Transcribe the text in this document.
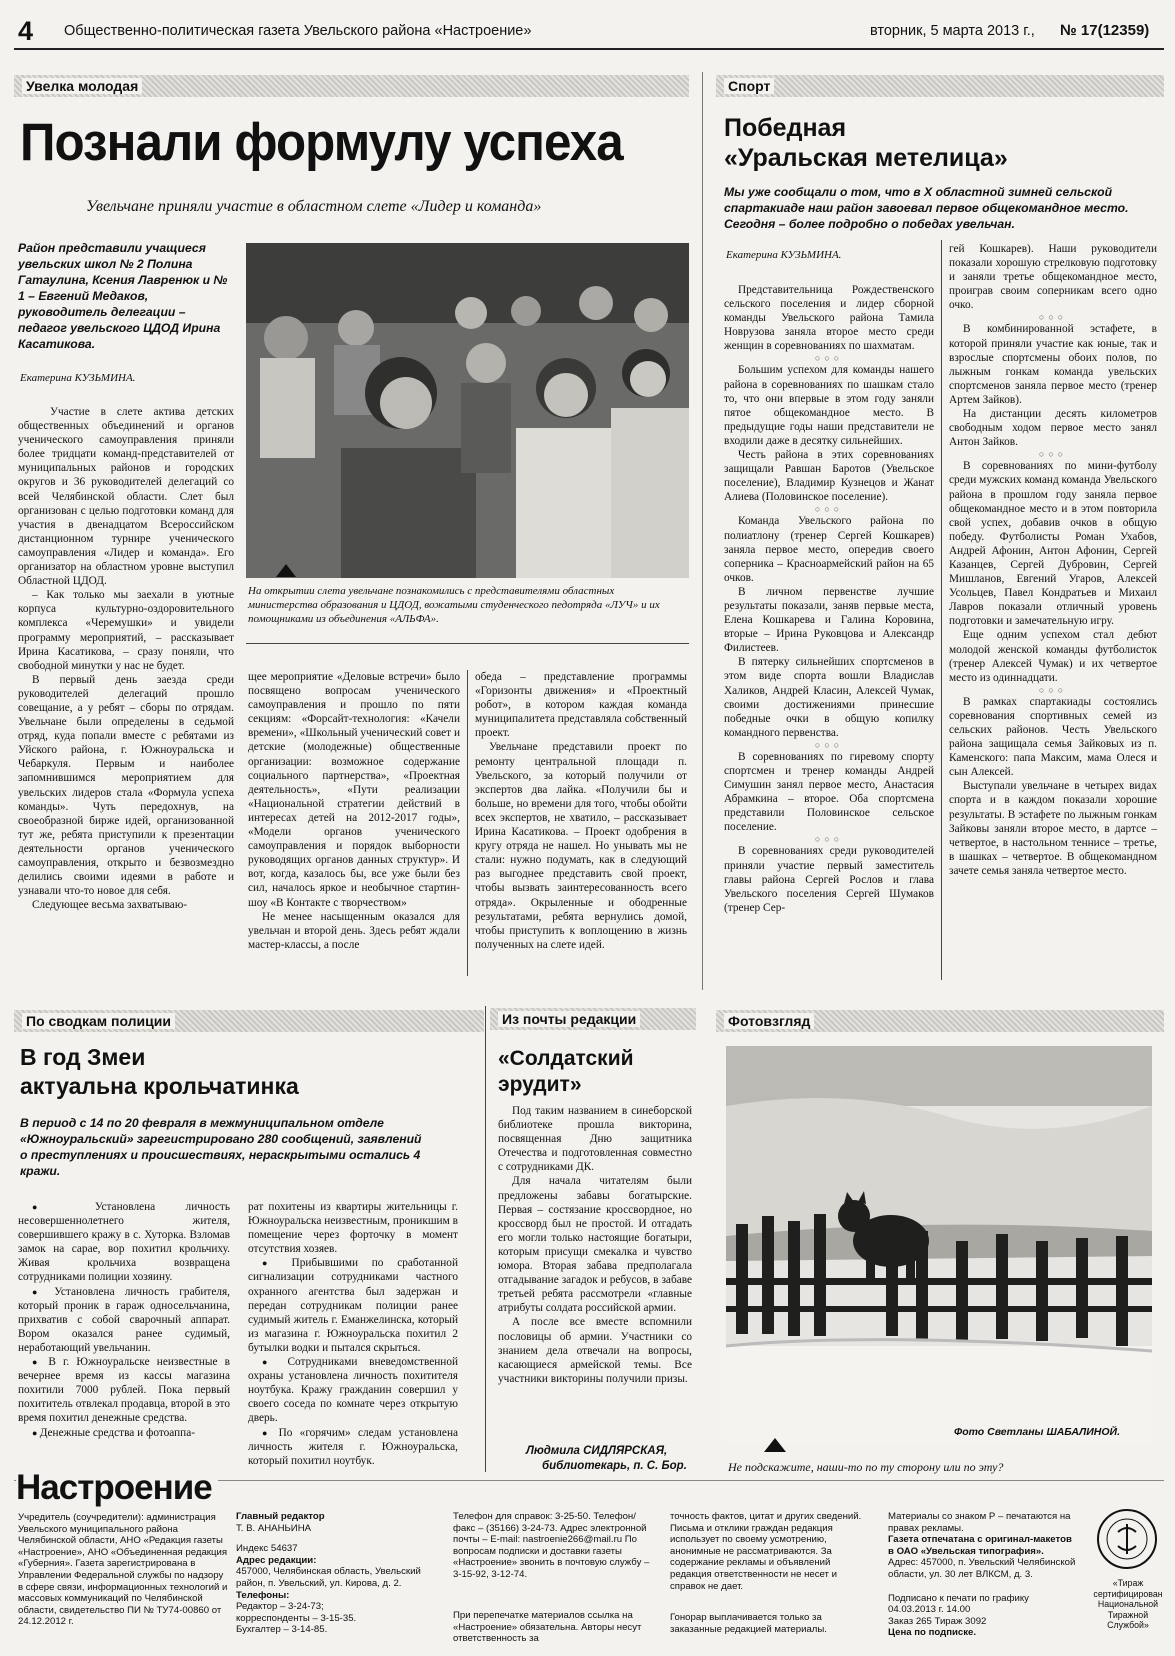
4 Общественно-политическая газета Увельского района «Настроение»	вторник, 5 марта 2013 г., № 17(12359)
Увелка молодая
Познали формулу успеха
Увельчане приняли участие в областном слете «Лидер и команда»
Район представили учащиеся увельских школ № 2 Полина Гатаулина, Ксения Лавренюк и № 1 – Евгений Медаков, руководитель делегации –педагог увельского ЦДОД Ирина Касатикова.
Екатерина КУЗЬМИНА.
На открытии слета увельчане познакомились с представителями областных министерства образования и ЦДОД, вожатыми студенческого педотряда «ЛУЧ» и их помощниками из объединения «АЛЬФА».

Участие в слете актива детских общественных объединений и органов ученического самоуправления приняли более тридцати команд-представителей от муниципальных районов и городских округов и 36 руководителей делегаций со всей Челябинской области. Слет был организован с целью подготовки команд для участия в двенадцатом Всероссийском дистанционном турнире ученического самоуправления «Лидер и команда». Его организатор на областном уровне выступил Областной ЦДОД.

– Как только мы заехали в уютные корпуса культурно-оздоровительного комплекса «Черемушки» и увидели программу мероприятий, – рассказывает Ирина Касатикова, – сразу поняли, что свободной минутки у нас не будет.

В первый день заезда среди руководителей делегаций прошло совещание, а у ребят – сборы по отрядам. Увельчане были определены в седьмой отряд, куда попали вместе с ребятами из Уйского района, г. Южноуральска и Чебаркуля. Первым и наиболее запомнившимся мероприятием для увельских лидеров стала «Формула успеха команды». Чуть передохнув, на своеобразной бирже идей, организованной тут же, ребята приступили к презентации деятельности органов ученического самоуправления, открыто и безвозмездно делились своими идеями в работе и узнавали что-то новое для себя.

Следующее весьма захватываю-

щее мероприятие «Деловые встречи» было посвящено вопросам ученического самоуправления и прошло по пяти секциям: «Форсайт-технология: «Качели времени», «Школьный ученический совет и детские (молодежные) общественные организации: возможное содержание социального партнерства», «Проектная деятельность», «Пути реализации «Национальной стратегии действий в интересах детей на 2012-2017 годы», «Модели органов ученического самоуправления и порядок выборности руководящих органов данных структур». И вот, когда, казалось бы, все уже были без сил, началось яркое и необычное стартин-шоу «В Контакте с творчеством»

Не менее насыщенным оказался для увельчан и второй день. Здесь ребят ждали мастер-классы, а после

обеда – представление программы «Горизонты движения» и «Проектный робот», в котором каждая команда муниципалитета представляла собственный проект.

Увельчане представили проект по ремонту центральной площади п. Увельского, за который получили от экспертов два лайка. «Получили бы и больше, но времени для того, чтобы обойти всех экспертов, не хватило, – рассказывает Ирина Касатикова. – Проект одобрения в кругу отряда не нашел. Но унывать мы не стали: нужно подумать, как в следующий раз выгоднее представить свой проект, чтобы вызвать заинтересованность всего отряда». Окрыленные и ободренные результатами, ребята вернулись домой, чтобы приступить к воплощению в жизнь полученных на слете идей.

Спорт
Победная
«Уральская метелица»
Мы уже сообщали о том, что в X областной зимней сельской спартакиаде наш район завоевал первое общекомандное место. Сегодня – более подробно о победах увельчан.
Екатерина КУЗЬМИНА.

Представительница Рождественского сельского поселения и лидер сборной команды Увельского района Тамила Новрузова заняла второе место среди женщин в соревнованиях по шахматам.

○○○

Большим успехом для команды нашего района в соревнованиях по шашкам стало то, что они впервые в этом году заняли пятое общекомандное место. В предыдущие годы наши представители не входили даже в десятку сильнейших.

Честь района в этих соревнованиях защищали Равшан Баротов (Увельское поселение), Владимир Кузнецов и Жанат Алиева (Половинское поселение).

○○○

Команда Увельского района по полиатлону (тренер Сергей Кошкарев) заняла первое место, опередив своего соперника – Красноармейский район на 65 очков.

В личном первенстве лучшие результаты показали, заняв первые места, Елена Кошкарева и Галина Коровина, вторые – Ирина Руковцова и Александр Филистеев.

В пятерку сильнейших спортсменов в этом виде спорта вошли Владислав Халиков, Андрей Класин, Алексей Чумак, своими достижениями принесшие победные очки в общую копилку командного первенства.

○○○

В соревнованиях по гиревому спорту спортсмен и тренер команды Андрей Симушин занял первое место, Анастасия Абрамкина – второе. Оба спортсмена представили Половинское сельское поселение.

○○○

В соревнованиях среди руководителей приняли участие первый заместитель главы района Сергей Рослов и глава Увельского поселения Сергей Шумаков (тренер Сер-

гей Кошкарев). Наши руководители показали хорошую стрелковую подготовку и заняли третье общекомандное место, проиграв своим соперникам всего одно очко.

○○○

В комбинированной эстафете, в которой приняли участие как юные, так и взрослые спортсмены обоих полов, по лыжным гонкам команда увельских спортсменов заняла первое место (тренер Артем Зайков).

На дистанции десять километров свободным ходом первое место занял Антон Зайков.

○○○

В соревнованиях по мини-футболу среди мужских команд команда Увельского района в прошлом году заняла первое общекомандное место и в этом повторила свой успех, добавив очков в общую победу. Футболисты Роман Ухабов, Андрей Афонин, Антон Афонин, Сергей Казанцев, Сергей Дубровин, Сергей Мишланов, Евгений Угаров, Алексей Усольцев, Павел Кондратьев и Михаил Лавров показали отличный уровень подготовки и замечательную игру.

Еще одним успехом стал дебют молодой женской команды футболисток (тренер Алексей Чумак) и их четвертое место из одиннадцати.

○○○

В рамках спартакиады состоялись соревнования спортивных семей из сельских районов. Честь Увельского района защищала семья Зайковых из п. Каменского: папа Максим, мама Олеся и сын Алексей.

Выступали увельчане в четырех видах спорта и в каждом показали хорошие результаты. В эстафете по лыжным гонкам Зайковы заняли второе место, в дартсе – четвертое, в настольном теннисе – третье, в шашках – четвертое. В общекомандном зачете семья заняла четвертое место.

По сводкам полиции	Из почты редакции	Фотовзгляд
В год Змеи
актуальна крольчатинка
В период с 14 по 20 февраля в межмуниципальном отделе «Южноуральский» зарегистрировано 280 сообщений, заявлений о преступлениях и происшествиях, нераскрытыми остались 4 кражи.

● Установлена личность несовершеннолетнего жителя, совершившего кражу в с. Хуторка. Взломав замок на сарае, вор похитил крольчиху. Живая крольчиха возвращена сотрудниками полиции хозяину.

● Установлена личность грабителя, который проник в гараж односельчанина, прихватив с собой сварочный аппарат. Вором оказался ранее судимый, неработающий увельчанин.

● В г. Южноуральске неизвестные в вечернее время из кассы магазина похитили 7000 рублей. Пока первый похититель отвлекал продавца, второй в это время похитил денежные средства.

● Денежные средства и фотоаппа-

рат похитены из квартиры жительницы г. Южноуральска неизвестным, проникшим в помещение через форточку в момент отсутствия хозяев.

● Прибывшими по сработанной сигнализации сотрудниками частного охранного агентства был задержан и передан сотрудникам полиции ранее судимый житель г. Еманжелинска, который из магазина г. Южноуральска похитил 2 бутылки водки и пытался скрыться.

● Сотрудниками вневедомственной охраны установлена личность похитителя ноутбука. Кражу гражданин совершил у своего соседа по комнате через открытую дверь.

● По «горячим» следам установлена личность жителя г. Южноуральска, который похитил ноутбук.

«Солдатский
эрудит»

Под таким названием в синеборской библиотеке прошла викторина, посвященная Дню защитника Отечества и подготовленная совместно с сотрудниками ДК.

Для начала читателям были предложены забавы богатырские. Первая – состязание кроссвордное, но кроссворд был не простой. И отгадать его могли только настоящие богатыри, которым присущи смекалка и чувство юмора. Вторая забава предполагала отгадывание загадок и ребусов, в забаве третьей ребята рассмотрели «главные атрибуты солдата российской армии.

А после все вместе вспомнили пословицы об армии. Участники со знанием дела отвечали на вопросы, касающиеся армейской темы. Все участники викторины получили призы.

Людмила СИДЛЯРСКАЯ,
библиотекарь, п. С. Бор.
Фото Светланы ШАБАЛИНОЙ.
Не подскажите, наши-то по ту сторону или по эту?
Настроение
Учредитель (соучредители): администрация Увельского муниципального района Челябинской области, АНО «Редакция газеты «Настроение», АНО «Объединенная редакция «Губерния». Газета зарегистрирована в Управлении Федеральной службы по надзору в сфере связи, информационных технологий и массовых коммуникаций по Челябинской области, свидетельство ПИ № ТУ74-00860 от 24.12.2012 г.
Главный редактор
Т. В. АНАНЬИНА
Индекс 54637
Адрес редакции:
457000, Челябинская область, Увельский район, п. Увельский, ул. Кирова, д. 2.
Телефоны:
Редактор – 3-24-73;
корреспонденты – 3-15-35.
Бухгалтер – 3-14-85.
Телефон для справок: 3-25-50. Телефон/факс – (35166) 3-24-73. Адрес электронной почты – E-mail: nastroenie266@mail.ru По вопросам подписки и доставки газеты «Настроение» звонить в почтовую службу – 3-15-92, 3-12-74.
При перепечатке материалов ссылка на «Настроение» обязательна. Авторы несут ответственность за
точность фактов, цитат и других сведений. Письма и отклики граждан редакция использует по своему усмотрению, анонимные не рассматриваются. За содержание рекламы и объявлений редакция ответственности не несет и справок не дает.
Гонорар выплачивается только за заказанные редакцией материалы.
Материалы со знаком Р – печатаются на правах рекламы.
Газета отпечатана с оригинал-макетов в ОАО «Увельская типография».
Адрес: 457000, п. Увельский Челябинской области, ул. 30 лет ВЛКСМ, д. 3.
Подписано к печати по графику 04.03.2013 г. 14.00
Заказ 265 Тираж 3092
Цена по подписке.
«Тираж сертифицирован Национальной Тиражной Службой»
